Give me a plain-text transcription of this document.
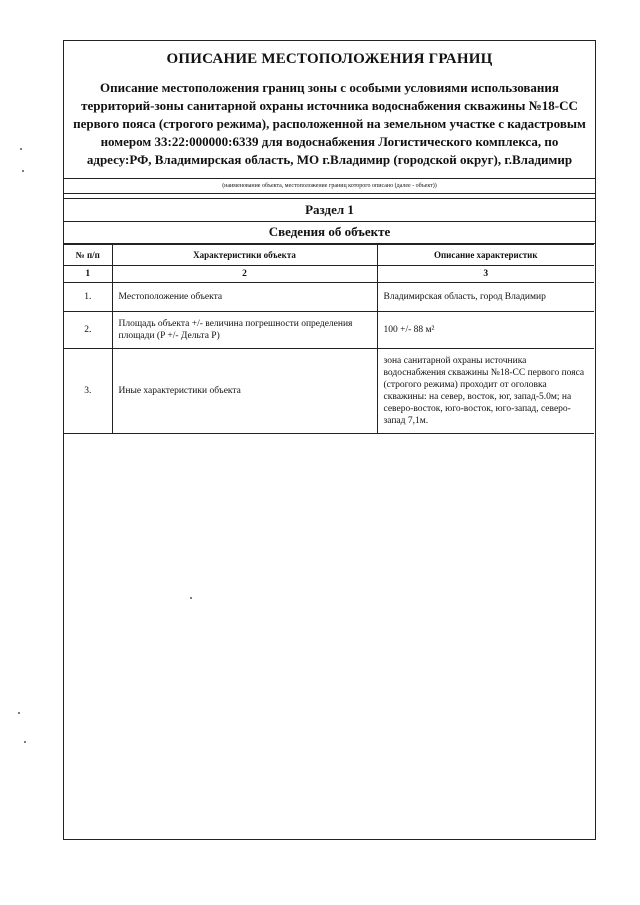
ОПИСАНИЕ МЕСТОПОЛОЖЕНИЯ ГРАНИЦ
Описание местоположения границ зоны с особыми условиями использования территорий-зоны санитарной охраны источника водоснабжения скважины №18-СС первого пояса (строгого режима), расположенной на земельном участке с кадастровым номером 33:22:000000:6339 для водоснабжения Логистического комплекса, по адресу:РФ, Владимирская область, МО г.Владимир (городской округ), г.Владимир
(наименование объекта, местоположение границ которого описано (далее - объект))
Раздел 1
Сведения об объекте
№ п/п	Характеристики объекта	Описание характеристик
1	2	3
1.	Местоположение объекта	Владимирская область, город Владимир
2.	Площадь объекта +/- величина погрешности определения площади (P +/- Дельта P)	100 +/- 88 м²
3.	Иные характеристики объекта	зона санитарной охраны источника водоснабжения скважины №18-СС первого пояса (строгого режима) проходит от оголовка скважины: на север, восток, юг, запад-5.0м; на северо-восток, юго-восток, юго-запад, северо-запад 7,1м.
